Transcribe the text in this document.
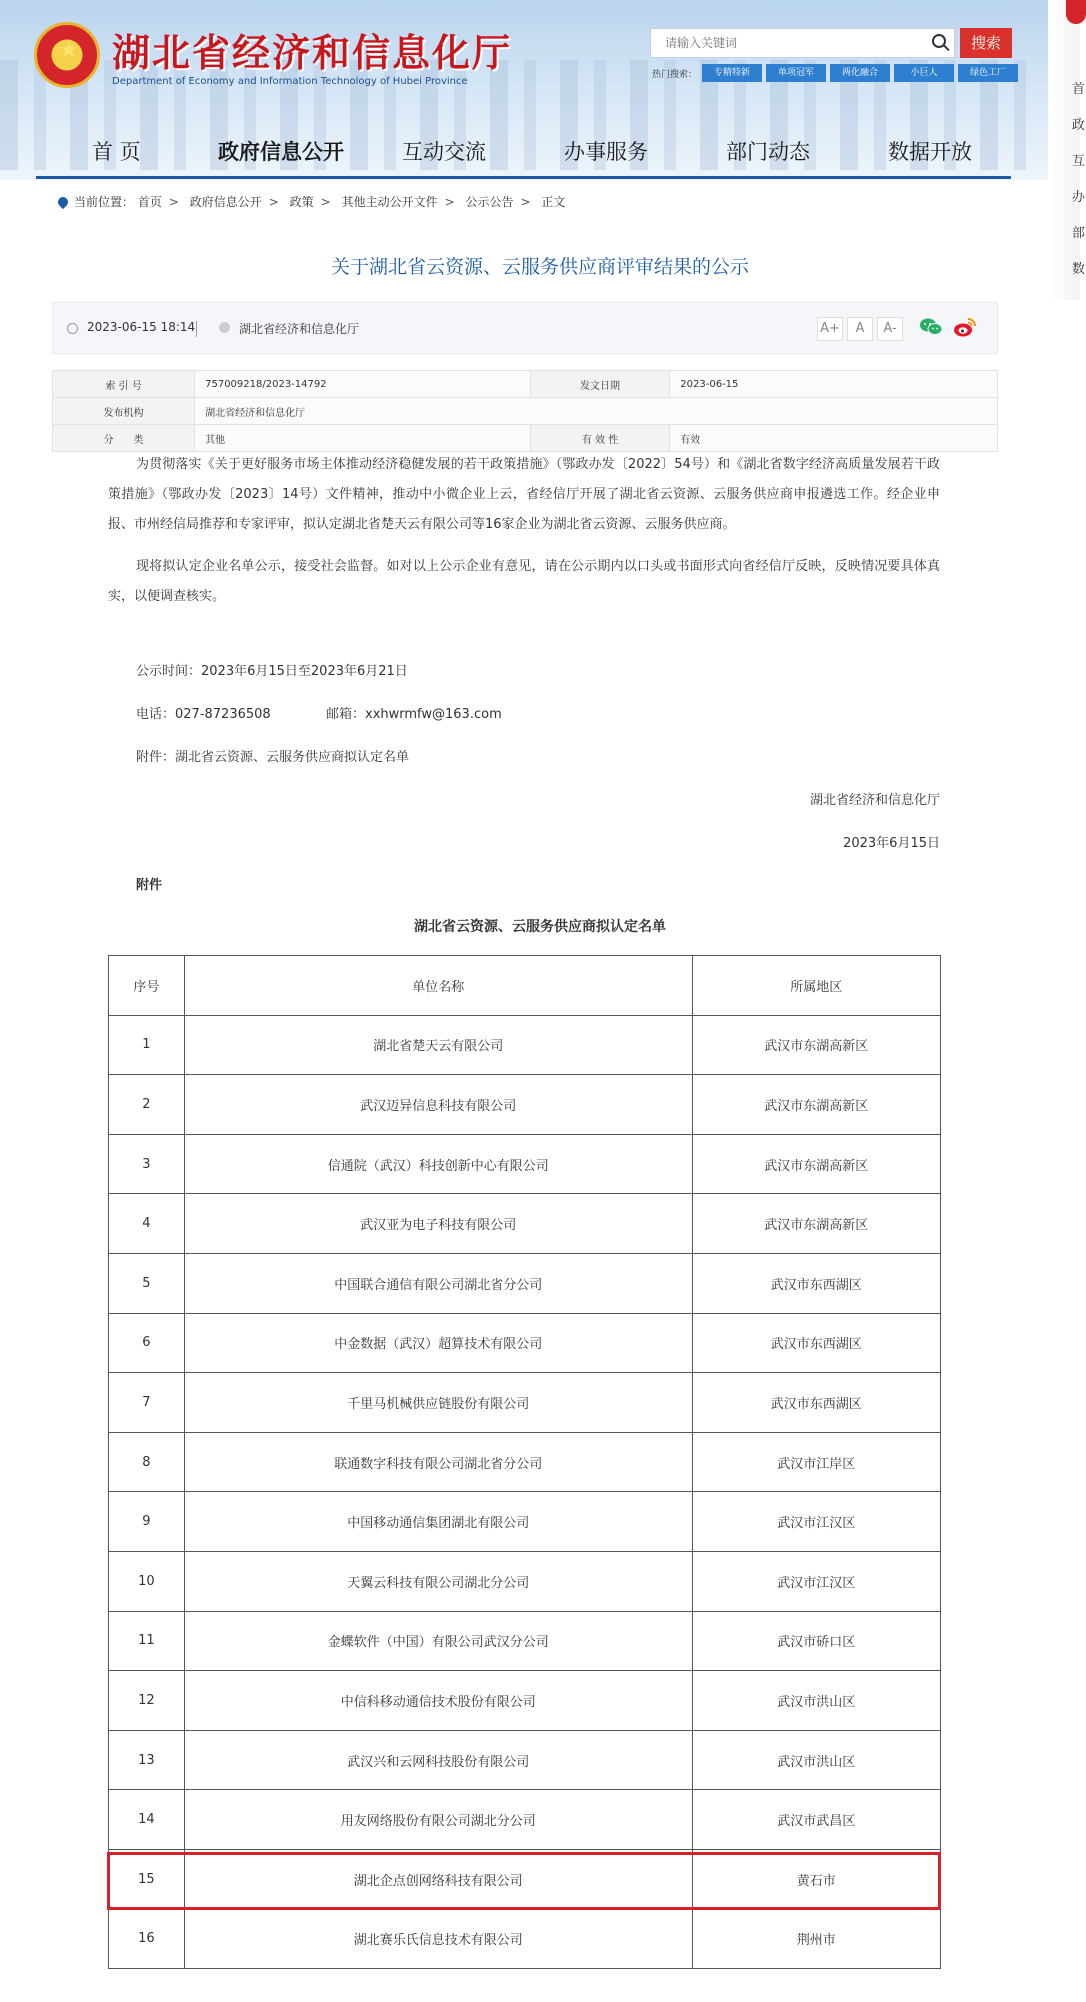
★ 湖北省经济和信息化厅
Department of Economy and Information Technology of Hubei Province
请输入关键词
搜索
热门搜索：	专精特新	单项冠军	两化融合	小巨人	绿色工厂
首 页	政府信息公开	互动交流	办事服务	部门动态	数据开放
首
政
互
办
部
数
当前位置： 首页 > 政府信息公开 > 政策 > 其他主动公开文件 > 公示公告 > 正文
关于湖北省云资源、云服务供应商评审结果的公示
2023-06-15 18:14	湖北省经济和信息化厅	A+	A	A-
索 引 号	757009218/2023-14792	发文日期	2023-06-15
发布机构	湖北省经济和信息化厅		
分　　类	其他	有 效 性	有效

为贯彻落实《关于更好服务市场主体推动经济稳健发展的若干政策措施》（鄂政办发〔2022〕54号）和《湖北省数字经济高质量发展若干政策措施》（鄂政办发〔2023〕14号）文件精神，推动中小微企业上云，省经信厅开展了湖北省云资源、云服务供应商申报遴选工作。经企业申报、市州经信局推荐和专家评审，拟认定湖北省楚天云有限公司等16家企业为湖北省云资源、云服务供应商。

现将拟认定企业名单公示，接受社会监督。如对以上公示企业有意见，请在公示期内以口头或书面形式向省经信厅反映，反映情况要具体真实，以便调查核实。

公示时间：2023年6月15日至2023年6月21日
电话：027-87236508	邮箱：xxhwrmfw@163.com
附件：湖北省云资源、云服务供应商拟认定名单
湖北省经济和信息化厅
2023年6月15日
附件
湖北省云资源、云服务供应商拟认定名单
序号	单位名称	所属地区
1	湖北省楚天云有限公司	武汉市东湖高新区
2	武汉迈异信息科技有限公司	武汉市东湖高新区
3	信通院（武汉）科技创新中心有限公司	武汉市东湖高新区
4	武汉亚为电子科技有限公司	武汉市东湖高新区
5	中国联合通信有限公司湖北省分公司	武汉市东西湖区
6	中金数据（武汉）超算技术有限公司	武汉市东西湖区
7	千里马机械供应链股份有限公司	武汉市东西湖区
8	联通数字科技有限公司湖北省分公司	武汉市江岸区
9	中国移动通信集团湖北有限公司	武汉市江汉区
10	天翼云科技有限公司湖北分公司	武汉市江汉区
11	金蝶软件（中国）有限公司武汉分公司	武汉市硚口区
12	中信科移动通信技术股份有限公司	武汉市洪山区
13	武汉兴和云网科技股份有限公司	武汉市洪山区
14	用友网络股份有限公司湖北分公司	武汉市武昌区
15	湖北企点创网络科技有限公司	黄石市
16	湖北赛乐氏信息技术有限公司	荆州市
